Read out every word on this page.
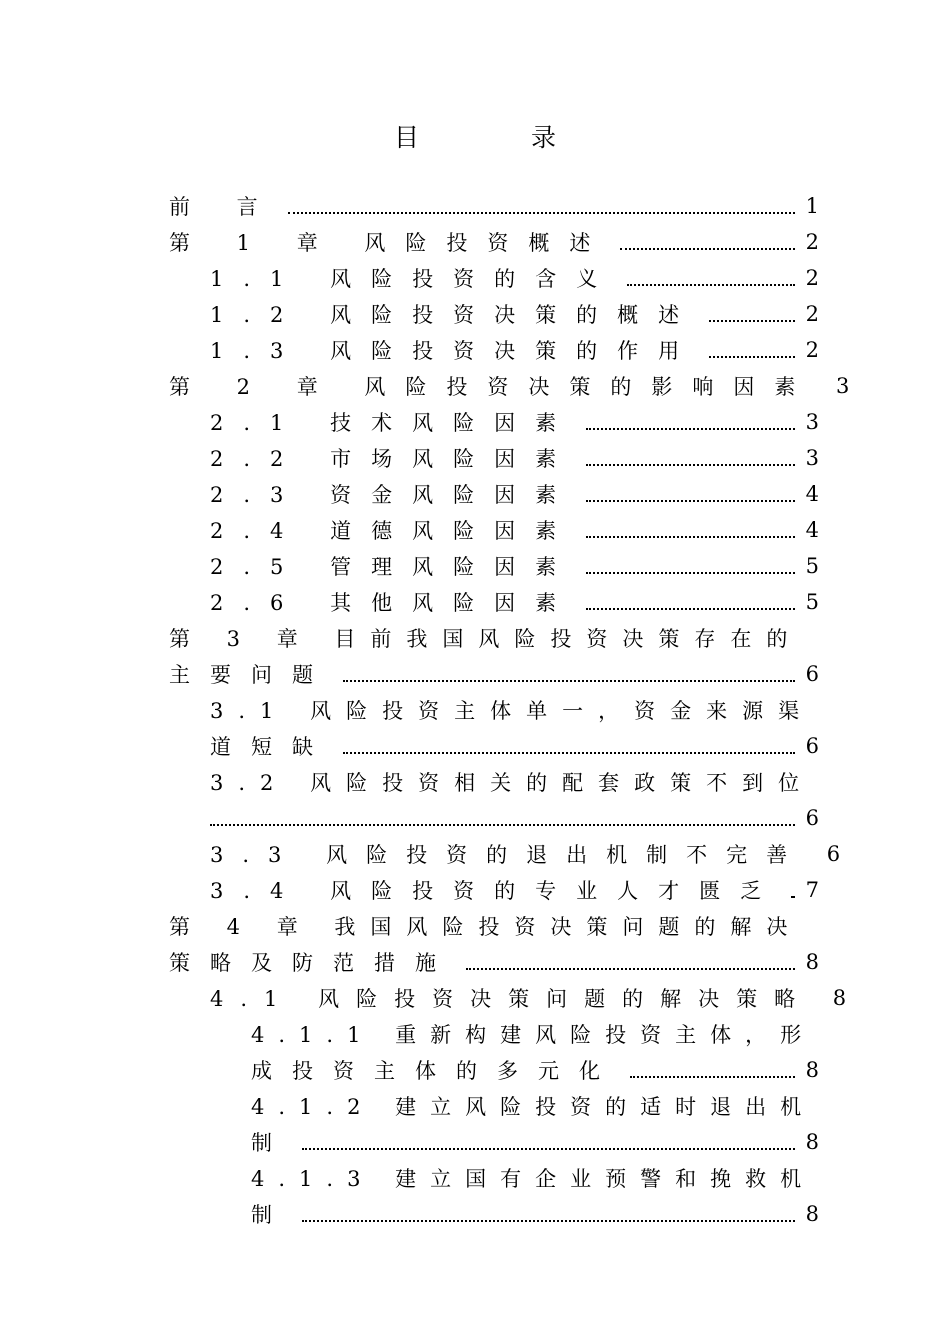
目 录
前 言	1
第 1 章 风险投资概述	2
1.1 风险投资的含义	2
1.2 风险投资决策的概述	2
1.3 风险投资决策的作用	2
第 2 章 风险投资决策的影响因素 3
2.1 技术风险因素	3
2.2 市场风险因素	3
2.3 资金风险因素	4
2.4 道德风险因素	4
2.5 管理风险因素	5
2.6 其他风险因素	5
第 3 章 目前我国风险投资决策存在的
主要问题	6
3.1 风险投资主体单一，资金来源渠
道短缺	6
3.2 风险投资相关的配套政策不到位
6
3.3 风险投资的退出机制不完善 6
3.4 风险投资的专业人才匮乏 7
第 4 章 我国风险投资决策问题的解决
策略及防范措施	8
4.1 风险投资决策问题的解决策略 8
4.1.1 重新构建风险投资主体，形
成投资主体的多元化	8
4.1.2 建立风险投资的适时退出机
制	8
4.1.3 建立国有企业预警和挽救机
制	8
